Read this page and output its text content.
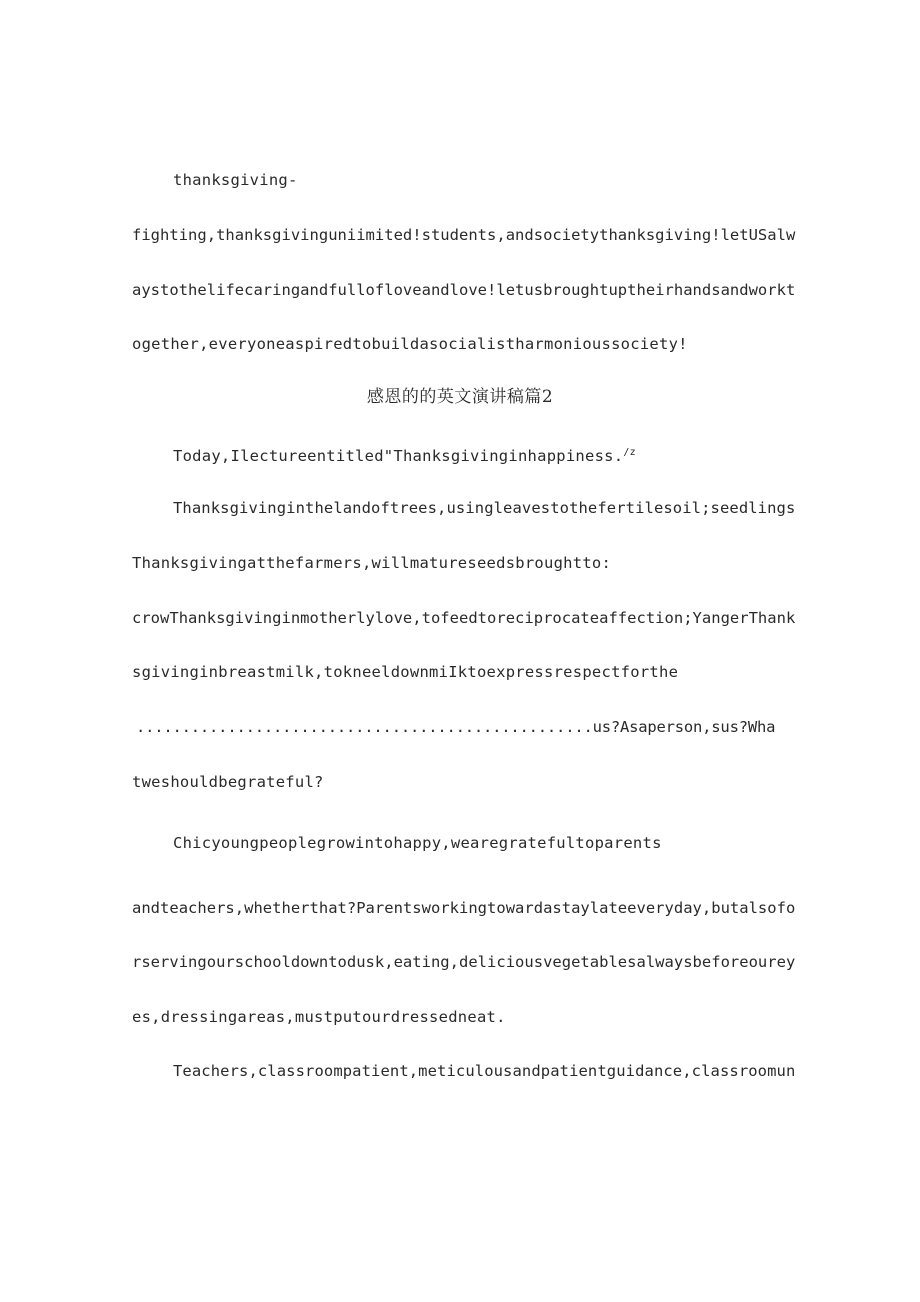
thanksgiving-
fighting,thanksgivinguniimited!students,andsocietythanksgiving!letUSalw
aystothelifecaringandfullofloveandlove!letusbroughtuptheirhandsandworkt
ogether,everyoneaspiredtobuildasocialistharmonioussociety!
感恩的的英文演讲稿篇2
Today,Ilectureentitled"Thanksgivinginhappiness.$^{/z}$
Thanksgivinginthelandoftrees,usingleavestothefertilesoil;seedlings
Thanksgivingatthefarmers,willmatureseedsbroughtto:
crowThanksgivinginmotherlylove,tofeedtoreciprocateaffection;YangerThank
sgivinginbreastmilk,tokneeldownmiIktoexpressrespectforthe
..................................................us?Asaperson,sus?Wha
tweshouldbegrateful?
Chicyoungpeoplegrowintohappy,wearegratefultoparents
andteachers,whetherthat?Parentsworkingtowardastaylateeveryday,butalsofo
rservingourschooldowntodusk,eating,deliciousvegetablesalwaysbeforeourey
es,dressingareas,mustputourdressedneat.
Teachers,classroompatient,meticulousandpatientguidance,classroomun
